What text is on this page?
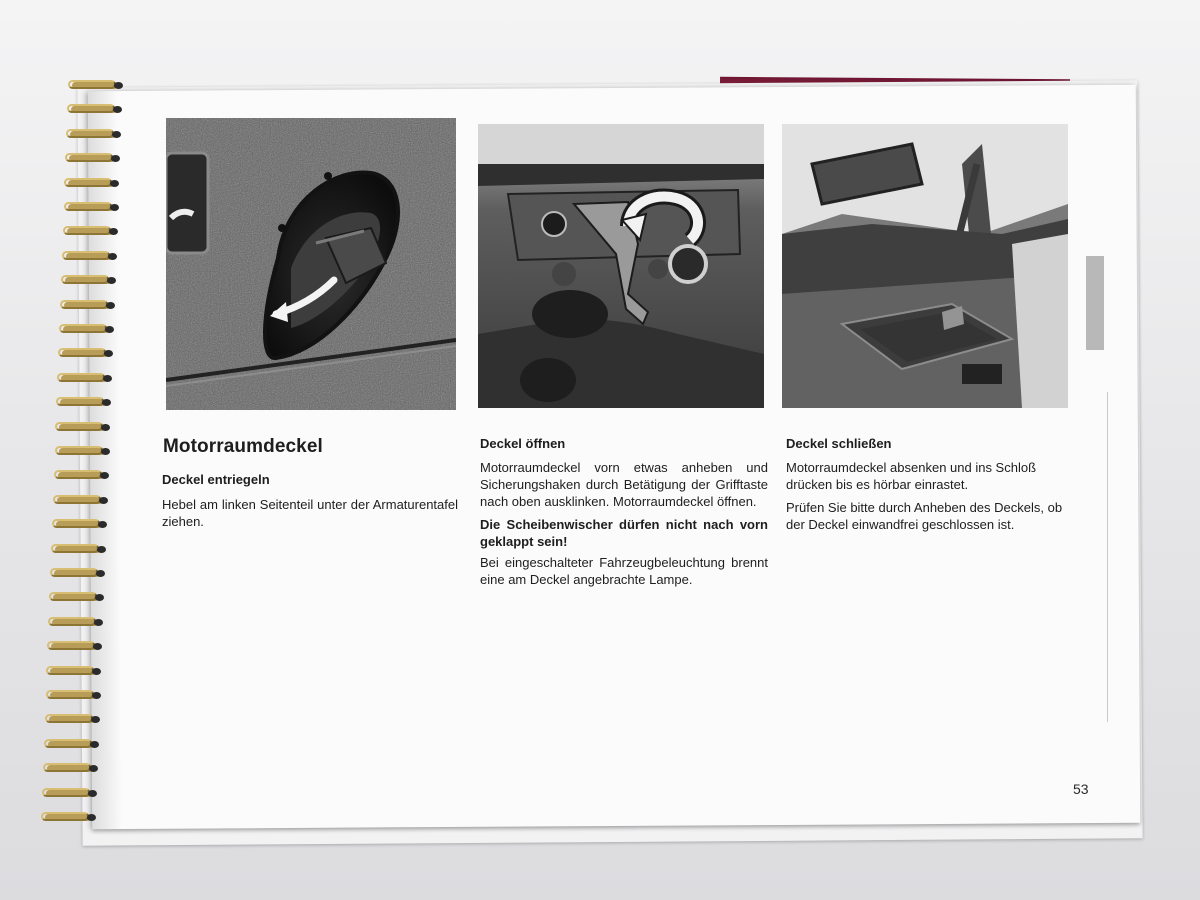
Motorraumdeckel
Deckel entriegeln
Hebel am linken Seitenteil unter der Armaturentafel ziehen.
Deckel öffnen
Motorraumdeckel vorn etwas anheben und Sicherungshaken durch Betätigung der Grifftaste nach oben ausklinken. Motorraumdeckel öffnen.
Die Scheibenwischer dürfen nicht nach vorn geklappt sein!
Bei eingeschalteter Fahrzeugbeleuchtung brennt eine am Deckel angebrachte Lampe.
Deckel schließen
Motorraumdeckel absenken und ins Schloß drücken bis es hörbar einrastet.
Prüfen Sie bitte durch Anheben des Deckels, ob der Deckel einwandfrei geschlossen ist.
53
